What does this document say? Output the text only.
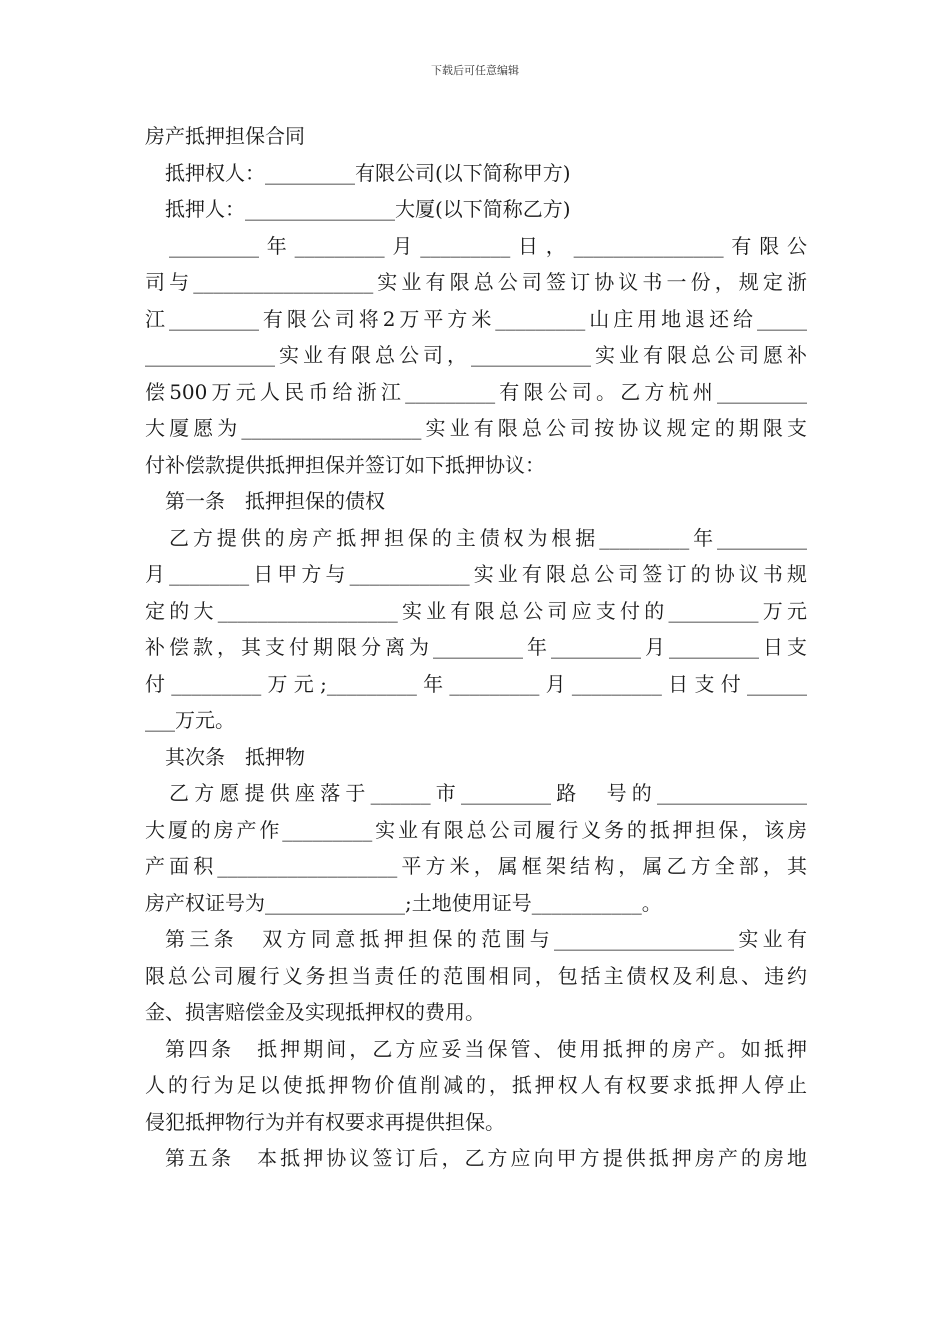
下载后可任意编辑
房产抵押担保合同
抵押权人：_________有限公司(以下简称甲方)
抵押人：_______________大厦(以下简称乙方)
_________年_________月_________日，_______________有限公
司与__________________实业有限总公司签订协议书一份，规定浙
江_________有限公司将2万平方米_________山庄用地退还给_____
_____________实业有限总公司，____________实业有限总公司愿补
偿500万元人民币给浙江_________有限公司。乙方杭州_________
大厦愿为__________________实业有限总公司按协议规定的期限支
付补偿款提供抵押担保并签订如下抵押协议：
第一条　抵押担保的债权
乙方提供的房产抵押担保的主债权为根据_________年_________
月________日甲方与____________实业有限总公司签订的协议书规
定的大__________________实业有限总公司应支付的_________万元
补偿款，其支付期限分离为_________年_________月_________日支
付_________万元;_________年_________月_________日支付______
___万元。
其次条　抵押物
乙方愿提供座落于______市_________路　号的_______________
大厦的房产作_________实业有限总公司履行义务的抵押担保，该房
产面积__________________平方米，属框架结构，属乙方全部，其
房产权证号为______________;土地使用证号___________。
第三条　双方同意抵押担保的范围与__________________实业有
限总公司履行义务担当责任的范围相同，包括主债权及利息、违约
金、损害赔偿金及实现抵押权的费用。
第四条　抵押期间，乙方应妥当保管、使用抵押的房产。如抵押
人的行为足以使抵押物价值削减的，抵押权人有权要求抵押人停止
侵犯抵押物行为并有权要求再提供担保。
第五条　本抵押协议签订后，乙方应向甲方提供抵押房产的房地
